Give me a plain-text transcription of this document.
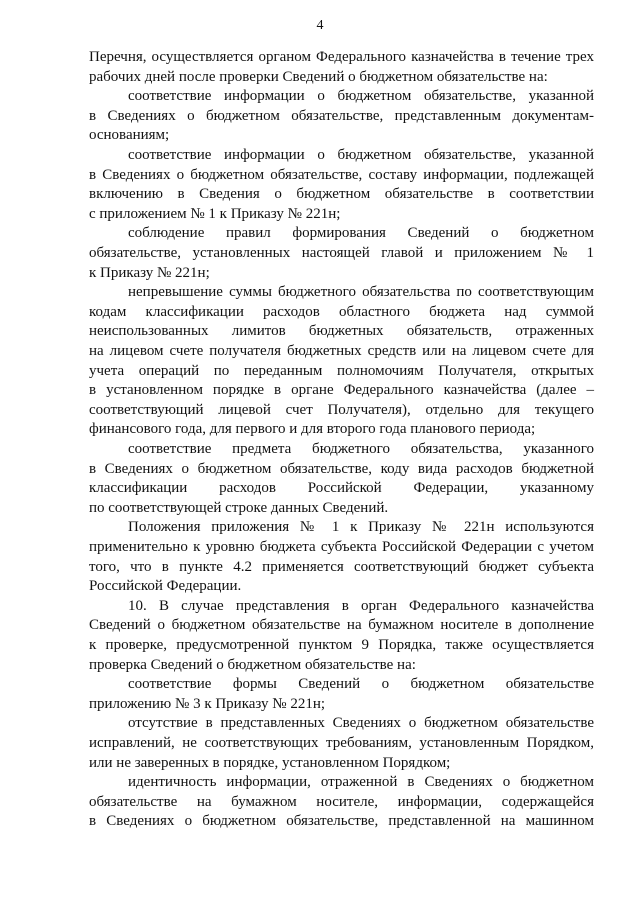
4
Перечня, осуществляется органом Федерального казначейства в течение трех
рабочих дней после проверки Сведений о бюджетном обязательстве на:
соответствие информации о бюджетном обязательстве, указанной
в Сведениях о бюджетном обязательстве, представленным документам-
основаниям;
соответствие информации о бюджетном обязательстве, указанной
в Сведениях о бюджетном обязательстве, составу информации, подлежащей
включению в Сведения о бюджетном обязательстве в соответствии
с приложением № 1 к Приказу № 221н;
соблюдение правил формирования Сведений о бюджетном
обязательстве, установленных настоящей главой и приложением № 1
к Приказу № 221н;
непревышение суммы бюджетного обязательства по соответствующим
кодам классификации расходов областного бюджета над суммой
неиспользованных лимитов бюджетных обязательств, отраженных
на лицевом счете получателя бюджетных средств или на лицевом счете для
учета операций по переданным полномочиям Получателя, открытых
в установленном порядке в органе Федерального казначейства (далее –
соответствующий лицевой счет Получателя), отдельно для текущего
финансового года, для первого и для второго года планового периода;
соответствие предмета бюджетного обязательства, указанного
в Сведениях о бюджетном обязательстве, коду вида расходов бюджетной
классификации расходов Российской Федерации, указанному
по соответствующей строке данных Сведений.
Положения приложения № 1 к Приказу № 221н используются
применительно к уровню бюджета субъекта Российской Федерации с учетом
того, что в пункте 4.2 применяется соответствующий бюджет субъекта
Российской Федерации.
10. В случае представления в орган Федерального казначейства
Сведений о бюджетном обязательстве на бумажном носителе в дополнение
к проверке, предусмотренной пунктом 9 Порядка, также осуществляется
проверка Сведений о бюджетном обязательстве на:
соответствие формы Сведений о бюджетном обязательстве
приложению № 3 к Приказу № 221н;
отсутствие в представленных Сведениях о бюджетном обязательстве
исправлений, не соответствующих требованиям, установленным Порядком,
или не заверенных в порядке, установленном Порядком;
идентичность информации, отраженной в Сведениях о бюджетном
обязательстве на бумажном носителе, информации, содержащейся
в Сведениях о бюджетном обязательстве, представленной на машинном
